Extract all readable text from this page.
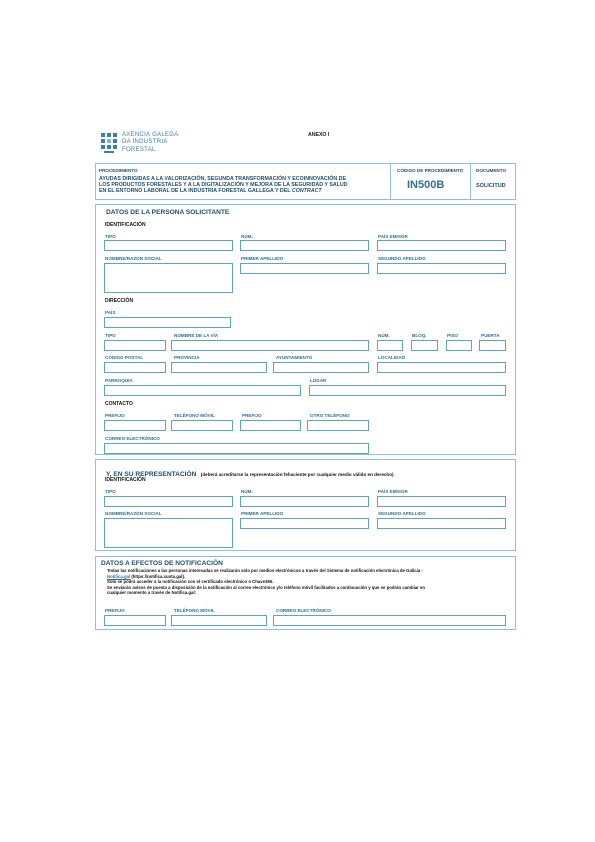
AXENCIA GALEGA
DA INDUSTRIA
FORESTAL
ANEXO I
PROCEDIMIENTO
AYUDAS DIRIGIDAS A LA VALORIZACIÓN, SEGUNDA TRANSFORMACIÓN Y ECOINNOVACIÓN DE
LOS PRODUCTOS FORESTALES Y A LA DIGITALIZACIÓN Y MEJORA DE LA SEGURIDAD Y SALUD
EN EL ENTORNO LABORAL DE LA INDUSTRIA FORESTAL GALLEGA Y DEL CONTRACT
CÓDIGO DE PROCEDIMIENTO
IN500B
DOCUMENTO
SOLICITUD
DATOS DE LA PERSONA SOLICITANTE
IDENTIFICACIÓN
TIPO	NÚM.	PAÍS EMISOR
NOMBRE/RAZÓN SOCIAL	PRIMER APELLIDO	SEGUNDO APELLIDO
DIRECCIÓN
PAÍS
TIPO	NOMBRE DE LA VÍA	NÚM.	BLOQ.	PISO	PUERTA
CÓDIGO POSTAL	PROVINCIA	AYUNTAMIENTO	LOCALIDAD
PARROQUIA	LUGAR
CONTACTO
PREFIJO	TELÉFONO MÓVIL	PREFIJO	OTRO TELÉFONO
CORREO ELECTRÓNICO
Y, EN SU REPRESENTACIÓN (deberá acreditarse la representación fehaciente por cualquier medio válido en derecho)
IDENTIFICACIÓN
TIPO	NÚM.	PAÍS EMISOR
NOMBRE/RAZÓN SOCIAL	PRIMER APELLIDO	SEGUNDO APELLIDO
DATOS A EFECTOS DE NOTIFICACIÓN
Todas las notificaciones a las personas interesadas se realizarán solo por medios electrónicos a través del Sistema de notificación electrónica de Galicia -
Notifica.gal (https://notifica.xunta.gal).
Solo se podrá acceder a la notificación con el certificado electrónico o Chave365.
Se enviarán avisos de puesta a disposición de la notificación al correo electrónico y/o teléfono móvil facilitados a continuación y que se podrán cambiar en
cualquier momento a través de Notifica.gal:
PREFIJO	TELÉFONO MÓVIL	CORREO ELECTRÓNICO
